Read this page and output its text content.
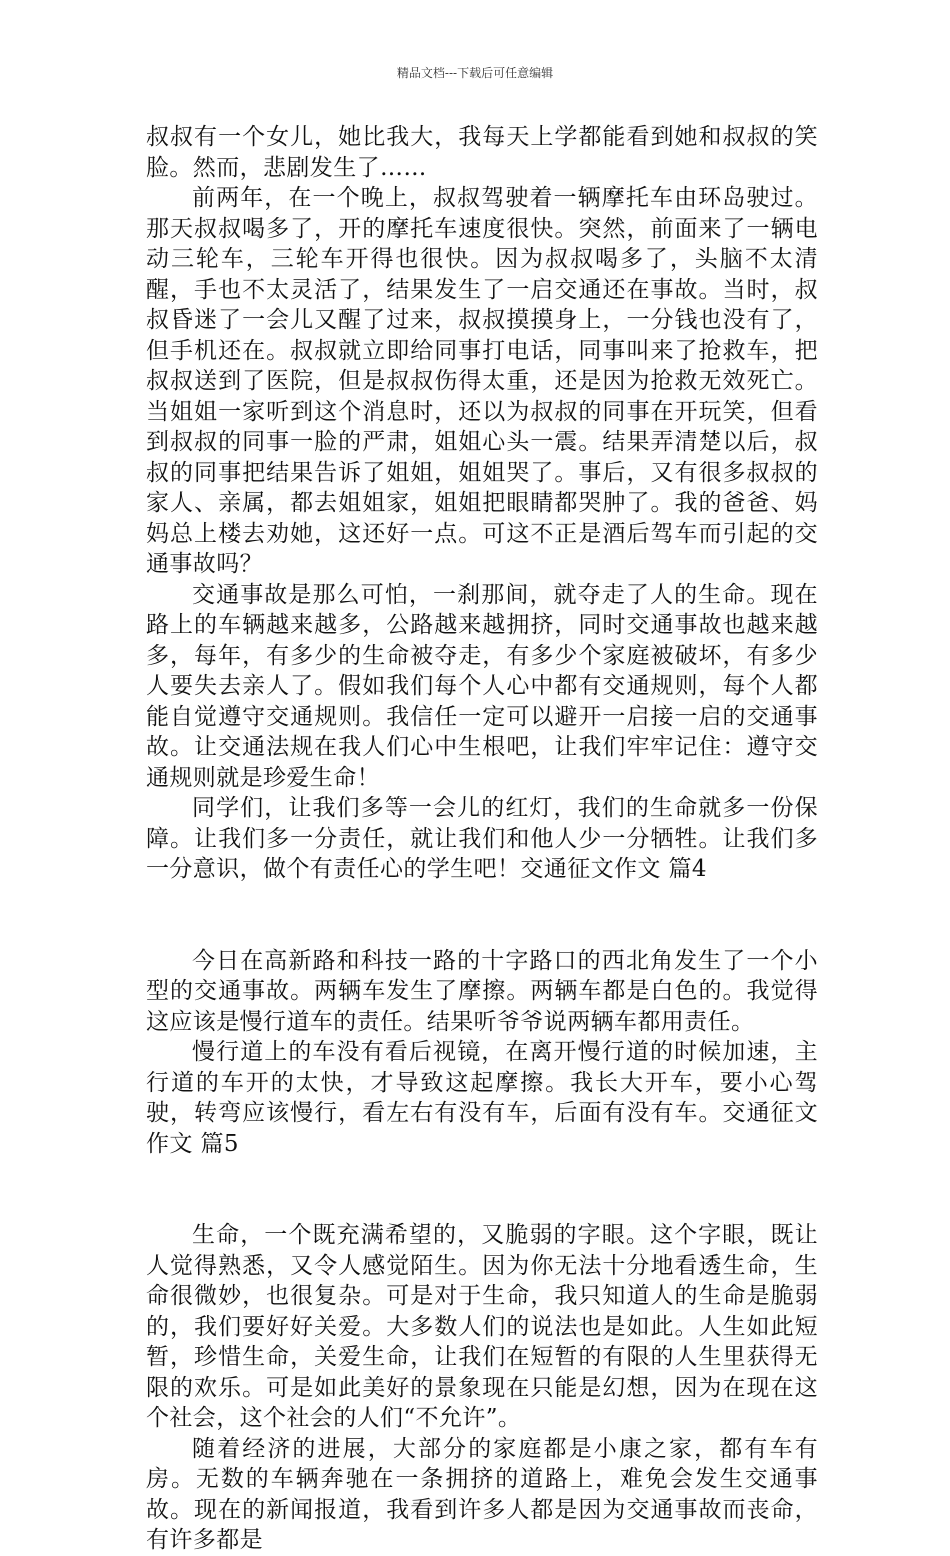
精品文档---下载后可任意编辑

叔叔有一个女儿，她比我大，我每天上学都能看到她和叔叔的笑脸。然而，悲剧发生了……

前两年，在一个晚上，叔叔驾驶着一辆摩托车由环岛驶过。那天叔叔喝多了，开的摩托车速度很快。突然，前面来了一辆电动三轮车，三轮车开得也很快。因为叔叔喝多了，头脑不太清醒，手也不太灵活了，结果发生了一启交通还在事故。当时，叔叔昏迷了一会儿又醒了过来，叔叔摸摸身上，一分钱也没有了，但手机还在。叔叔就立即给同事打电话，同事叫来了抢救车，把叔叔送到了医院，但是叔叔伤得太重，还是因为抢救无效死亡。当姐姐一家听到这个消息时，还以为叔叔的同事在开玩笑，但看到叔叔的同事一脸的严肃，姐姐心头一震。结果弄清楚以后，叔叔的同事把结果告诉了姐姐，姐姐哭了。事后，又有很多叔叔的家人、亲属，都去姐姐家，姐姐把眼睛都哭肿了。我的爸爸、妈妈总上楼去劝她，这还好一点。可这不正是酒后驾车而引起的交通事故吗？

交通事故是那么可怕，一刹那间，就夺走了人的生命。现在路上的车辆越来越多，公路越来越拥挤，同时交通事故也越来越多，每年，有多少的生命被夺走，有多少个家庭被破坏，有多少人要失去亲人了。假如我们每个人心中都有交通规则，每个人都能自觉遵守交通规则。我信任一定可以避开一启接一启的交通事故。让交通法规在我人们心中生根吧，让我们牢牢记住：遵守交通规则就是珍爱生命！

同学们，让我们多等一会儿的红灯，我们的生命就多一份保障。让我们多一分责任，就让我们和他人少一分牺牲。让我们多一分意识，做个有责任心的学生吧！交通征文作文 篇4

今日在高新路和科技一路的十字路口的西北角发生了一个小型的交通事故。两辆车发生了摩擦。两辆车都是白色的。我觉得这应该是慢行道车的责任。结果听爷爷说两辆车都用责任。

慢行道上的车没有看后视镜，在离开慢行道的时候加速，主行道的车开的太快，才导致这起摩擦。我长大开车，要小心驾驶，转弯应该慢行，看左右有没有车，后面有没有车。交通征文作文 篇5

生命，一个既充满希望的，又脆弱的字眼。这个字眼，既让人觉得熟悉，又令人感觉陌生。因为你无法十分地看透生命，生命很微妙，也很复杂。可是对于生命，我只知道人的生命是脆弱的，我们要好好关爱。大多数人们的说法也是如此。人生如此短暂，珍惜生命，关爱生命，让我们在短暂的有限的人生里获得无限的欢乐。可是如此美好的景象现在只能是幻想，因为在现在这个社会，这个社会的人们“不允许”。

随着经济的进展，大部分的家庭都是小康之家，都有车有房。无数的车辆奔驰在一条拥挤的道路上，难免会发生交通事故。现在的新闻报道，我看到许多人都是因为交通事故而丧命，有许多都是
